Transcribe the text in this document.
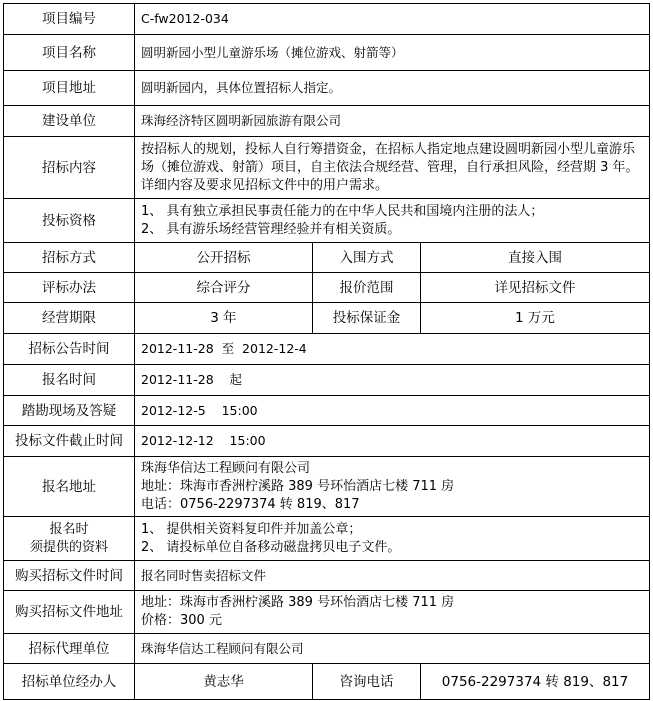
项目编号	C-fw2012-034		
项目名称	圆明新园小型儿童游乐场（摊位游戏、射箭等）		
项目地址	圆明新园内，具体位置招标人指定。		
建设单位	珠海经济特区圆明新园旅游有限公司		
招标内容	按招标人的规划，投标人自行筹措资金，在招标人指定地点建设圆明新园小型儿童游乐场（摊位游戏、射箭）项目，自主依法合规经营、管理，自行承担风险，经营期 3 年。详细内容及要求见招标文件中的用户需求。		
投标资格	1、 具有独立承担民事责任能力的在中华人民共和国境内注册的法人；
2、 具有游乐场经营管理经验并有相关资质。		

招标方式	公开招标	入围方式	直接入围
评标办法	综合评分	报价范围	详见招标文件
经营期限	3 年	投标保证金	1 万元
招标公告时间	2012-11-28  至  2012-12-4		
报名时间	2012-11-28    起		
踏勘现场及答疑	2012-12-5    15:00		
投标文件截止时间	2012-12-12    15:00		
报名地址	珠海华信达工程顾问有限公司
地址：珠海市香洲柠溪路 389 号环怡酒店七楼 711 房
电话：0756-2297374 转 819、817		

报名时
须提供的资料	1、 提供相关资料复印件并加盖公章；
2、 请投标单位自备移动磁盘拷贝电子文件。		

购买招标文件时间	报名同时售卖招标文件		
购买招标文件地址	地址：珠海市香洲柠溪路 389 号环怡酒店七楼 711 房
价格：300 元		

招标代理单位	珠海华信达工程顾问有限公司		
招标单位经办人	黄志华	咨询电话	0756-2297374 转 819、817
